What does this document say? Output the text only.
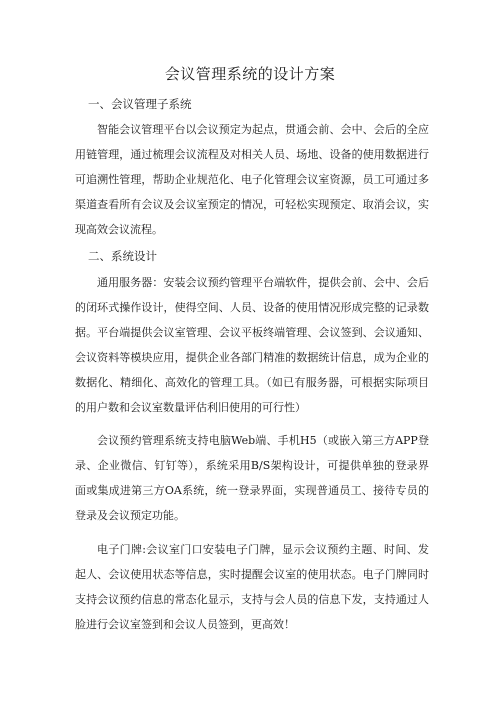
会议管理系统的设计方案
一、会议管理子系统

智能会议管理平台以会议预定为起点，贯通会前、会中、会后的全应用链管理，通过梳理会议流程及对相关人员、场地、设备的使用数据进行可追溯性管理，帮助企业规范化、电子化管理会议室资源，员工可通过多渠道查看所有会议及会议室预定的情况，可轻松实现预定、取消会议，实现高效会议流程。

二、系统设计

通用服务器：安装会议预约管理平台端软件，提供会前、会中、会后的闭环式操作设计，使得空间、人员、设备的使用情况形成完整的记录数据。平台端提供会议室管理、会议平板终端管理、会议签到、会议通知、会议资料等模块应用，提供企业各部门精准的数据统计信息，成为企业的数据化、精细化、高效化的管理工具。（如已有服务器，可根据实际项目的用户数和会议室数量评估利旧使用的可行性）

会议预约管理系统支持电脑Web端、手机H5（或嵌入第三方APP登录、企业微信、钉钉等），系统采用B/S架构设计，可提供单独的登录界面或集成进第三方OA系统，统一登录界面，实现普通员工、接待专员的登录及会议预定功能。

电子门牌:会议室门口安装电子门牌，显示会议预约主题、时间、发起人、会议使用状态等信息，实时提醒会议室的使用状态。电子门牌同时支持会议预约信息的常态化显示，支持与会人员的信息下发，支持通过人脸进行会议室签到和会议人员签到，更高效！
